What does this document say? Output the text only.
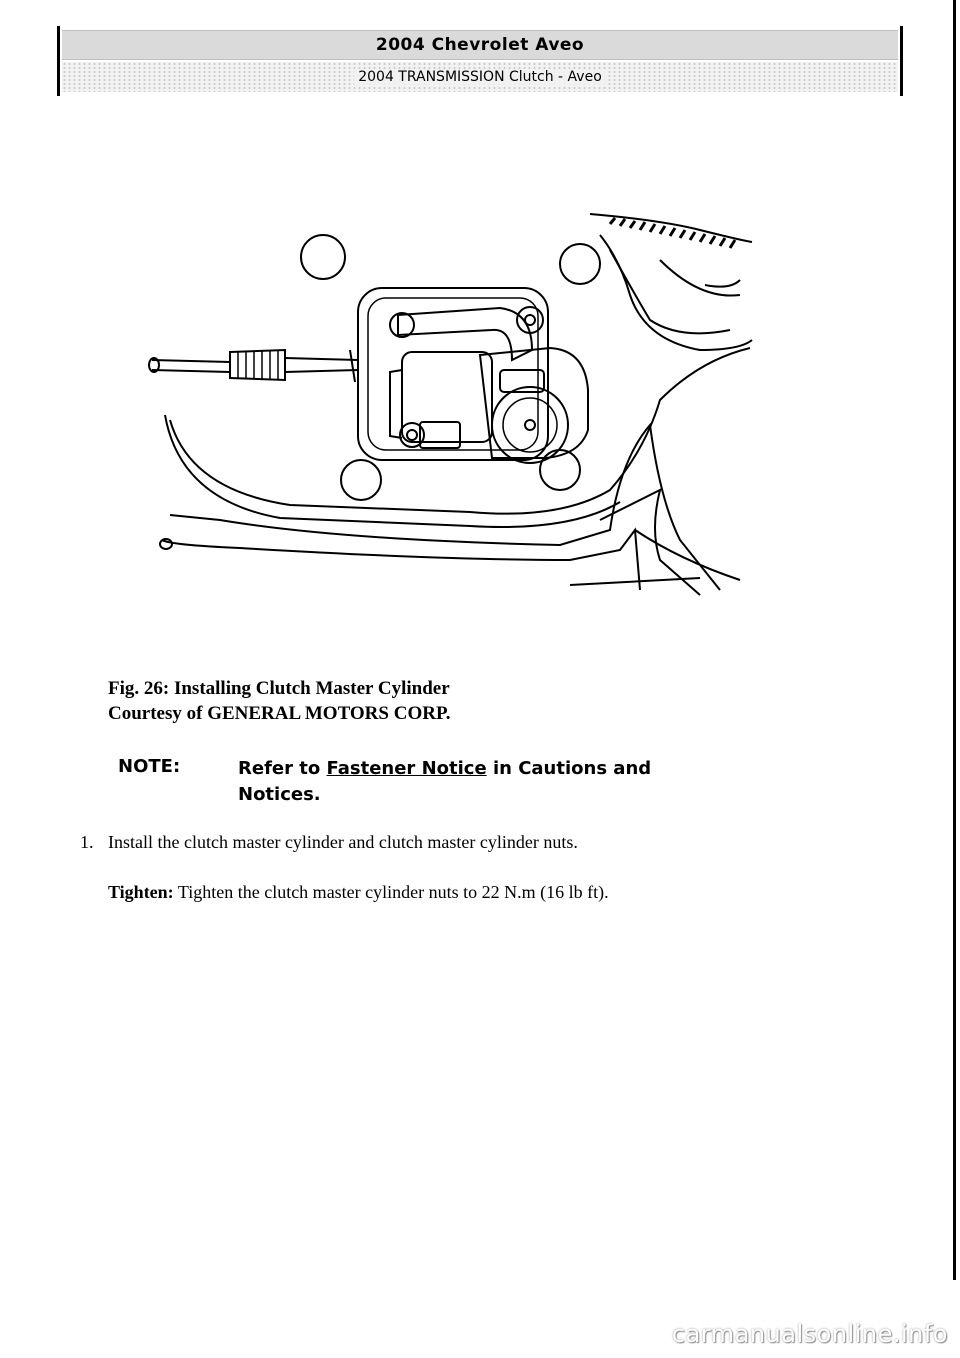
2004 Chevrolet Aveo
2004 TRANSMISSION Clutch - Aveo
Fig. 26: Installing Clutch Master Cylinder
Courtesy of GENERAL MOTORS CORP.
NOTE:	Refer to Fastener Notice in Cautions and Notices.
1. Install the clutch master cylinder and clutch master cylinder nuts.
Tighten: Tighten the clutch master cylinder nuts to 22 N.m (16 lb ft).
carmanualsonline.info
